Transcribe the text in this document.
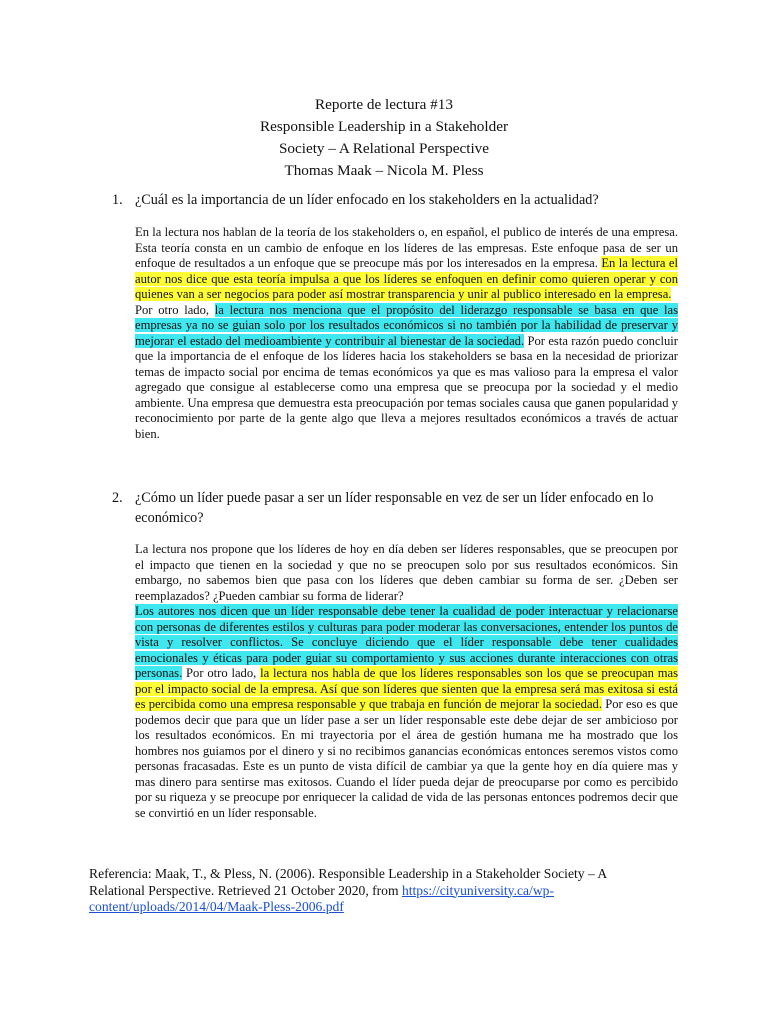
Reporte de lectura #13
Responsible Leadership in a Stakeholder
Society – A Relational Perspective
Thomas Maak – Nicola M. Pless
1. ¿Cuál es la importancia de un líder enfocado en los stakeholders en la actualidad?

En la lectura nos hablan de la teoría de los stakeholders o, en español, el publico de interés de una empresa. Esta teoría consta en un cambio de enfoque en los líderes de las empresas. Este enfoque pasa de ser un enfoque de resultados a un enfoque que se preocupe más por los interesados en la empresa. En la lectura el autor nos dice que esta teoría impulsa a que los líderes se enfoquen en definir como quieren operar y con quienes van a ser negocios para poder así mostrar transparencia y unir al publico interesado en la empresa.

Por otro lado, la lectura nos menciona que el propósito del liderazgo responsable se basa en que las empresas ya no se guian solo por los resultados económicos si no también por la habilidad de preservar y mejorar el estado del medioambiente y contribuir al bienestar de la sociedad. Por esta razón puedo concluir que la importancia de el enfoque de los líderes hacia los stakeholders se basa en la necesidad de priorizar temas de impacto social por encima de temas económicos ya que es mas valioso para la empresa el valor agregado que consigue al establecerse como una empresa que se preocupa por la sociedad y el medio ambiente. Una empresa que demuestra esta preocupación por temas sociales causa que ganen popularidad y reconocimiento por parte de la gente algo que lleva a mejores resultados económicos a través de actuar bien.

2. ¿Cómo un líder puede pasar a ser un líder responsable en vez de ser un líder enfocado en lo económico?

La lectura nos propone que los líderes de hoy en día deben ser líderes responsables, que se preocupen por el impacto que tienen en la sociedad y que no se preocupen solo por sus resultados económicos. Sin embargo, no sabemos bien que pasa con los líderes que deben cambiar su forma de ser. ¿Deben ser reemplazados? ¿Pueden cambiar su forma de liderar?

Los autores nos dicen que un líder responsable debe tener la cualidad de poder interactuar y relacionarse con personas de diferentes estilos y culturas para poder moderar las conversaciones, entender los puntos de vista y resolver conflictos. Se concluye diciendo que el líder responsable debe tener cualidades emocionales y éticas para poder guiar su comportamiento y sus acciones durante interacciones con otras personas. Por otro lado, la lectura nos habla de que los líderes responsables son los que se preocupan mas por el impacto social de la empresa. Así que son líderes que sienten que la empresa será mas exitosa si está es percibida como una empresa responsable y que trabaja en función de mejorar la sociedad. Por eso es que podemos decir que para que un líder pase a ser un líder responsable este debe dejar de ser ambicioso por los resultados económicos. En mi trayectoria por el área de gestión humana me ha mostrado que los hombres nos guiamos por el dinero y si no recibimos ganancias económicas entonces seremos vistos como personas fracasadas. Este es un punto de vista difícil de cambiar ya que la gente hoy en día quiere mas y mas dinero para sentirse mas exitosos. Cuando el líder pueda dejar de preocuparse por como es percibido por su riqueza y se preocupe por enriquecer la calidad de vida de las personas entonces podremos decir que se convirtió en un líder responsable.

Referencia: Maak, T., & Pless, N. (2006). Responsible Leadership in a Stakeholder Society – A Relational Perspective. Retrieved 21 October 2020, from https://cityuniversity.ca/wp-content/uploads/2014/04/Maak-Pless-2006.pdf
